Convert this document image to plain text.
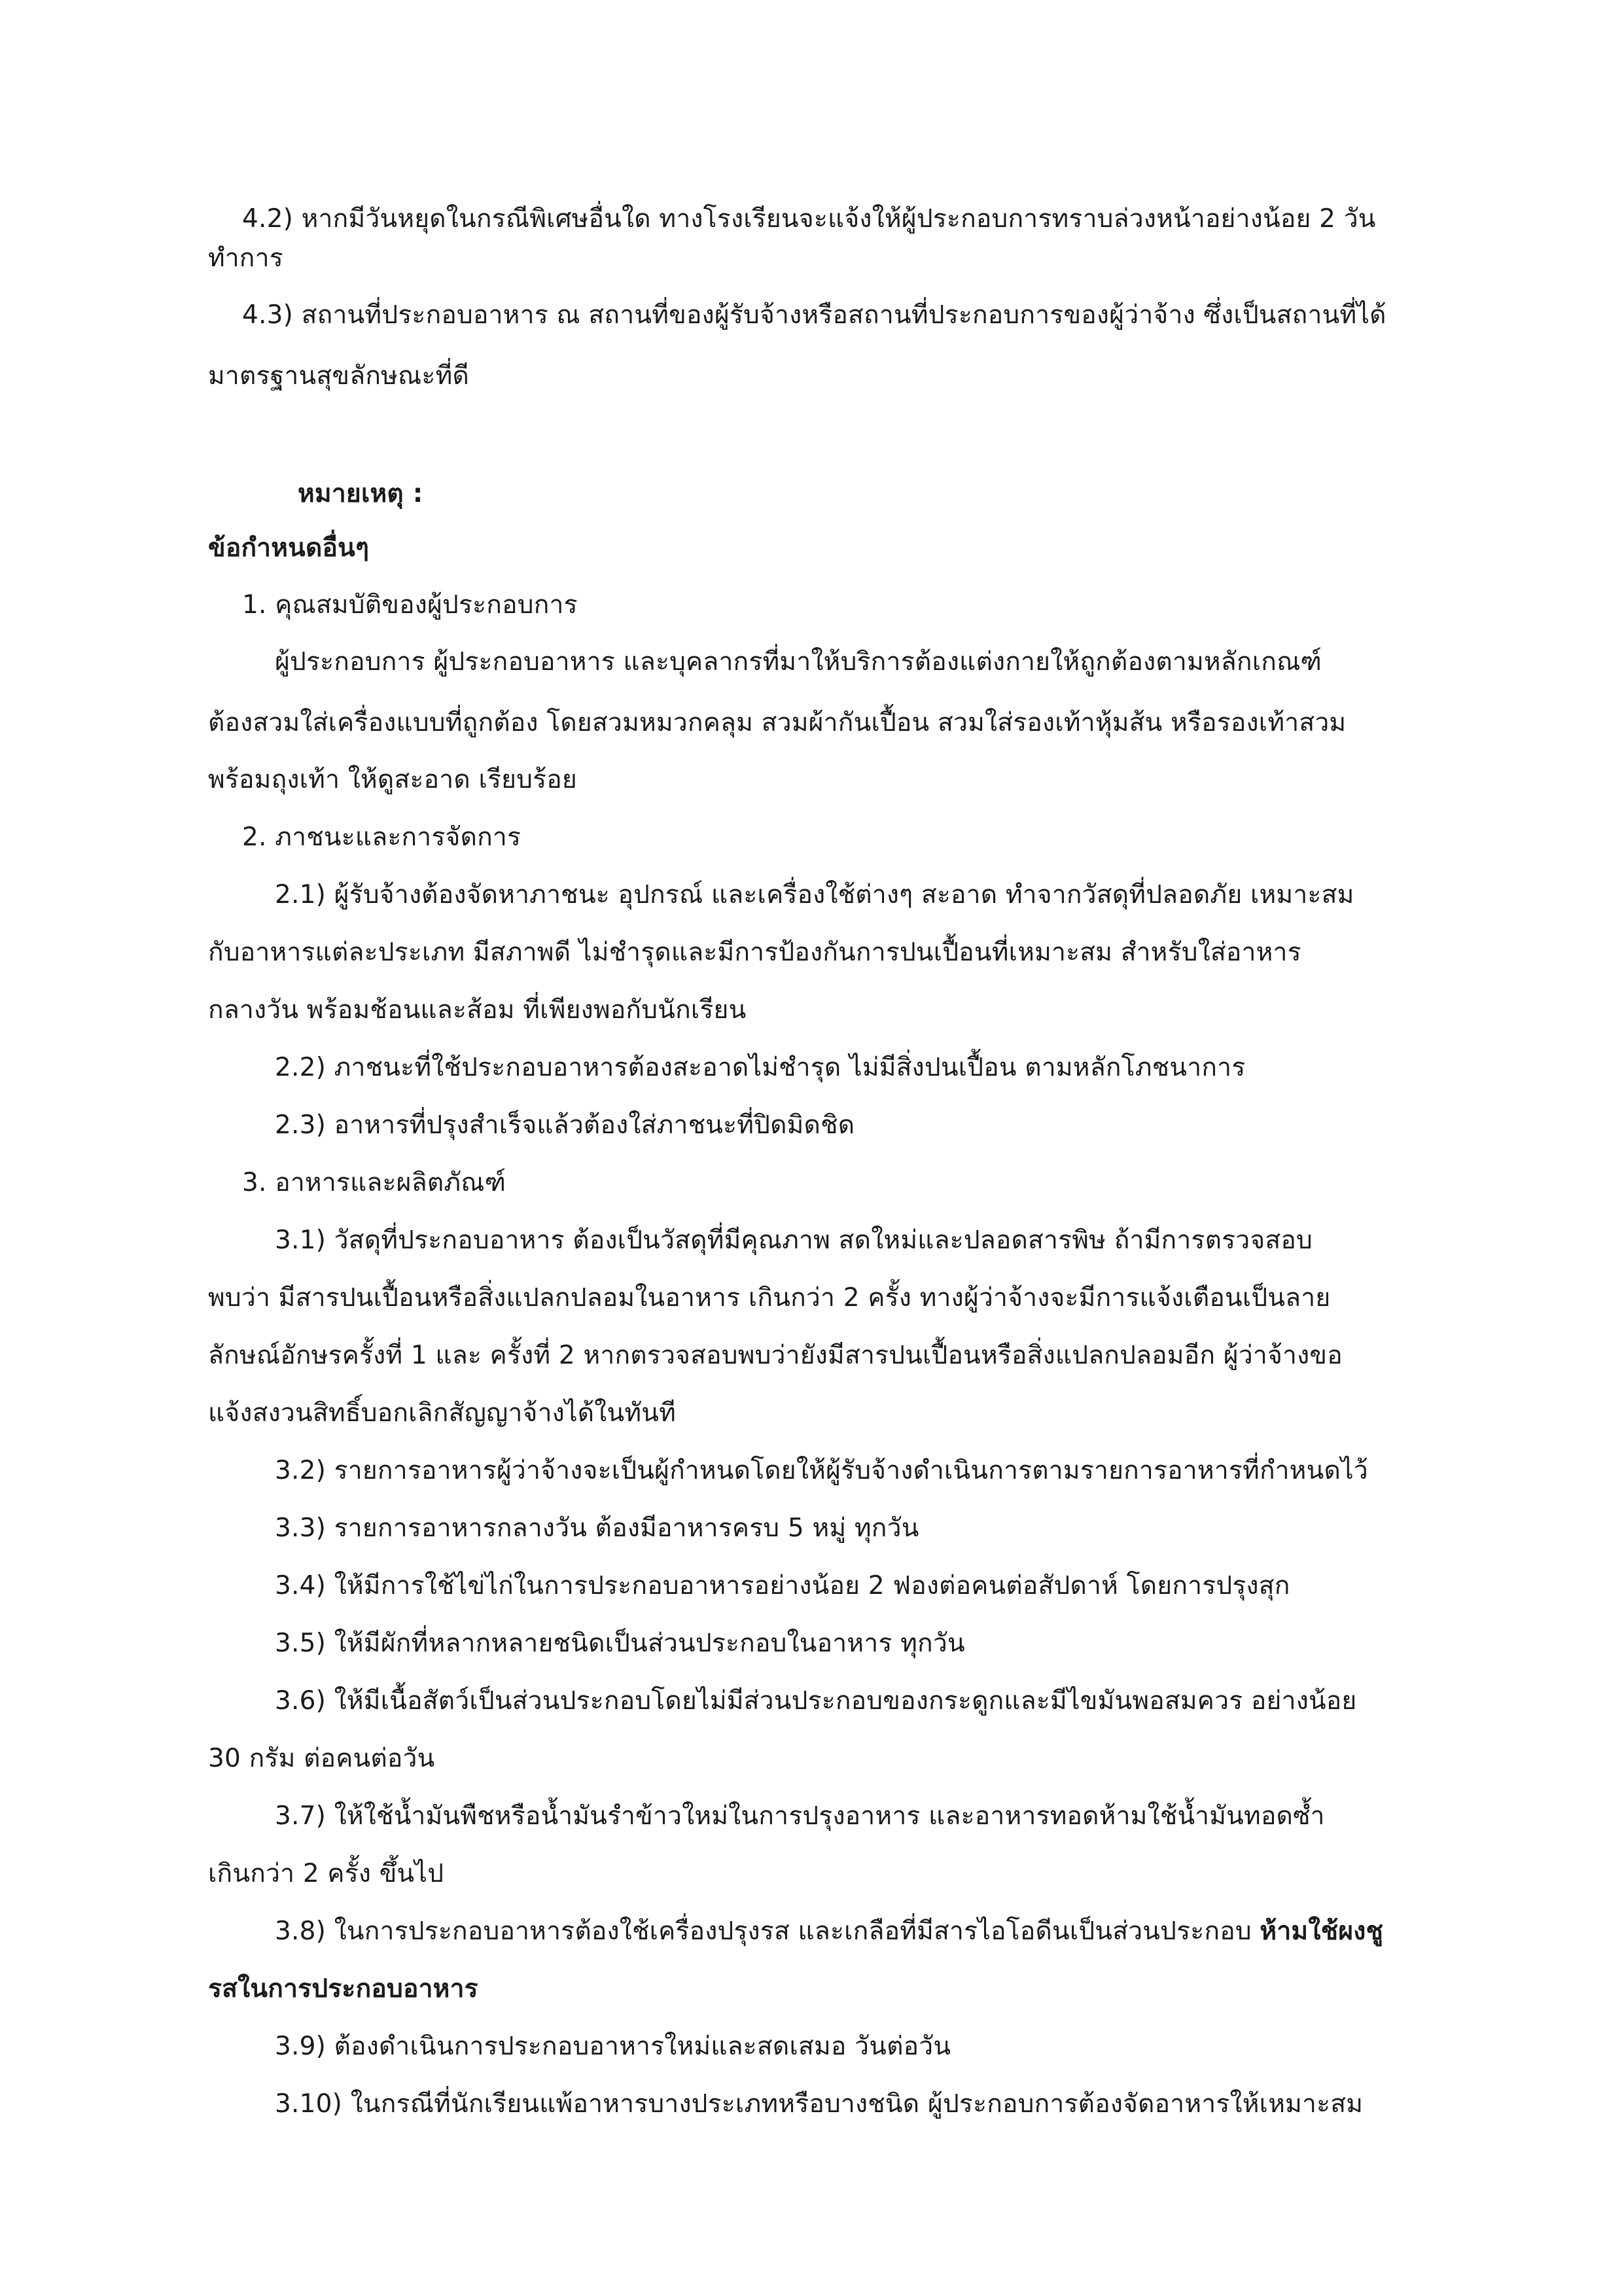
4.2) หากมีวันหยุดในกรณีพิเศษอื่นใด ทางโรงเรียนจะแจ้งให้ผู้ประกอบการทราบล่วงหน้าอย่างน้อย 2 วัน
ทำการ
4.3) สถานที่ประกอบอาหาร ณ สถานที่ของผู้รับจ้างหรือสถานที่ประกอบการของผู้ว่าจ้าง ซึ่งเป็นสถานที่ได้
มาตรฐานสุขลักษณะที่ดี
หมายเหตุ :
ข้อกำหนดอื่นๆ
1. คุณสมบัติของผู้ประกอบการ
ผู้ประกอบการ ผู้ประกอบอาหาร และบุคลากรที่มาให้บริการต้องแต่งกายให้ถูกต้องตามหลักเกณฑ์
ต้องสวมใส่เครื่องแบบที่ถูกต้อง โดยสวมหมวกคลุม สวมผ้ากันเปื้อน สวมใส่รองเท้าหุ้มส้น หรือรองเท้าสวม
พร้อมถุงเท้า ให้ดูสะอาด เรียบร้อย
2. ภาชนะและการจัดการ
2.1) ผู้รับจ้างต้องจัดหาภาชนะ อุปกรณ์ และเครื่องใช้ต่างๆ สะอาด ทำจากวัสดุที่ปลอดภัย เหมาะสม
กับอาหารแต่ละประเภท มีสภาพดี ไม่ชำรุดและมีการป้องกันการปนเปื้อนที่เหมาะสม สำหรับใส่อาหาร
กลางวัน พร้อมช้อนและส้อม ที่เพียงพอกับนักเรียน
2.2) ภาชนะที่ใช้ประกอบอาหารต้องสะอาดไม่ชำรุด ไม่มีสิ่งปนเปื้อน ตามหลักโภชนาการ
2.3) อาหารที่ปรุงสำเร็จแล้วต้องใส่ภาชนะที่ปิดมิดชิด
3. อาหารและผลิตภัณฑ์
3.1) วัสดุที่ประกอบอาหาร ต้องเป็นวัสดุที่มีคุณภาพ สดใหม่และปลอดสารพิษ ถ้ามีการตรวจสอบ
พบว่า มีสารปนเปื้อนหรือสิ่งแปลกปลอมในอาหาร เกินกว่า 2 ครั้ง ทางผู้ว่าจ้างจะมีการแจ้งเตือนเป็นลาย
ลักษณ์อักษรครั้งที่ 1 และ ครั้งที่ 2 หากตรวจสอบพบว่ายังมีสารปนเปื้อนหรือสิ่งแปลกปลอมอีก ผู้ว่าจ้างขอ
แจ้งสงวนสิทธิ์บอกเลิกสัญญาจ้างได้ในทันที
3.2) รายการอาหารผู้ว่าจ้างจะเป็นผู้กำหนดโดยให้ผู้รับจ้างดำเนินการตามรายการอาหารที่กำหนดไว้
3.3) รายการอาหารกลางวัน ต้องมีอาหารครบ 5 หมู่ ทุกวัน
3.4) ให้มีการใช้ไข่ไก่ในการประกอบอาหารอย่างน้อย 2 ฟองต่อคนต่อสัปดาห์ โดยการปรุงสุก
3.5) ให้มีผักที่หลากหลายชนิดเป็นส่วนประกอบในอาหาร ทุกวัน
3.6) ให้มีเนื้อสัตว์เป็นส่วนประกอบโดยไม่มีส่วนประกอบของกระดูกและมีไขมันพอสมควร อย่างน้อย
30 กรัม ต่อคนต่อวัน
3.7) ให้ใช้น้ำมันพืชหรือน้ำมันรำข้าวใหม่ในการปรุงอาหาร และอาหารทอดห้ามใช้น้ำมันทอดซ้ำ
เกินกว่า 2 ครั้ง ขึ้นไป
3.8) ในการประกอบอาหารต้องใช้เครื่องปรุงรส และเกลือที่มีสารไอโอดีนเป็นส่วนประกอบ ห้ามใช้ผงชู
รสในการประกอบอาหาร
3.9) ต้องดำเนินการประกอบอาหารใหม่และสดเสมอ วันต่อวัน
3.10) ในกรณีที่นักเรียนแพ้อาหารบางประเภทหรือบางชนิด ผู้ประกอบการต้องจัดอาหารให้เหมาะสม
